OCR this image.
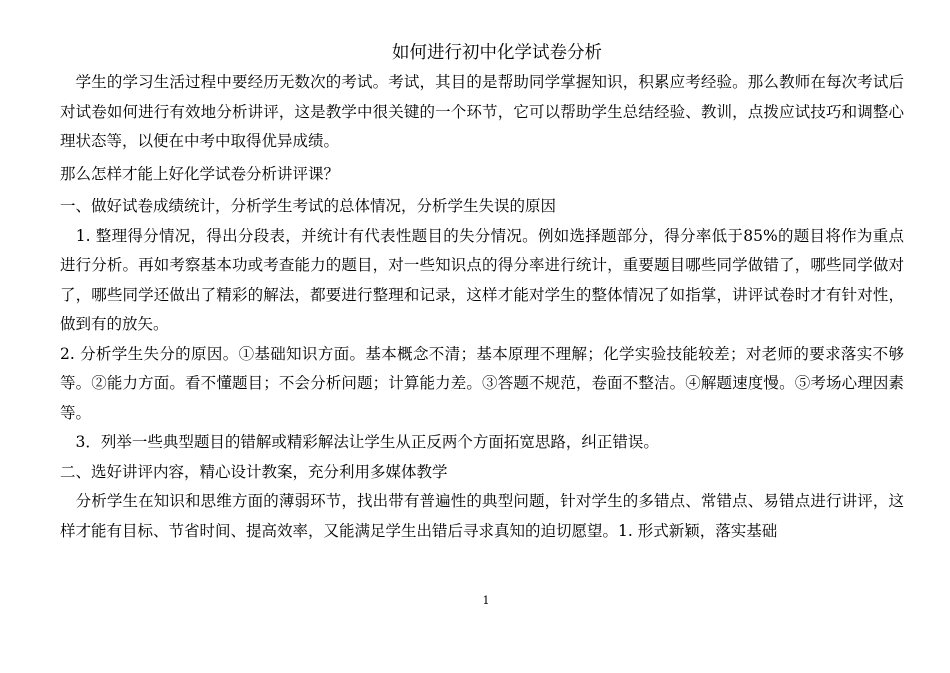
如何进行初中化学试卷分析

　学生的学习生活过程中要经历无数次的考试。考试，其目的是帮助同学掌握知识，积累应考经验。那么教师在每次考试后对试卷如何进行有效地分析讲评，这是教学中很关键的一个环节，它可以帮助学生总结经验、教训，点拨应试技巧和调整心理状态等，以便在中考中取得优异成绩。

那么怎样才能上好化学试卷分析讲评课？

一、做好试卷成绩统计，分析学生考试的总体情况，分析学生失误的原因

　1. 整理得分情况，得出分段表，并统计有代表性题目的失分情况。例如选择题部分，得分率低于85%的题目将作为重点进行分析。再如考察基本功或考查能力的题目，对一些知识点的得分率进行统计，重要题目哪些同学做错了，哪些同学做对了，哪些同学还做出了精彩的解法，都要进行整理和记录，这样才能对学生的整体情况了如指掌，讲评试卷时才有针对性，做到有的放矢。

2. 分析学生失分的原因。①基础知识方面。基本概念不清；基本原理不理解；化学实验技能较差；对老师的要求落实不够等。②能力方面。看不懂题目；不会分析问题；计算能力差。③答题不规范，卷面不整洁。④解题速度慢。⑤考场心理因素等。

　3．列举一些典型题目的错解或精彩解法让学生从正反两个方面拓宽思路，纠正错误。

二、选好讲评内容，精心设计教案，充分利用多媒体教学

　分析学生在知识和思维方面的薄弱环节，找出带有普遍性的典型问题，针对学生的多错点、常错点、易错点进行讲评，这样才能有目标、节省时间、提高效率，又能满足学生出错后寻求真知的迫切愿望。1. 形式新颖，落实基础

1
